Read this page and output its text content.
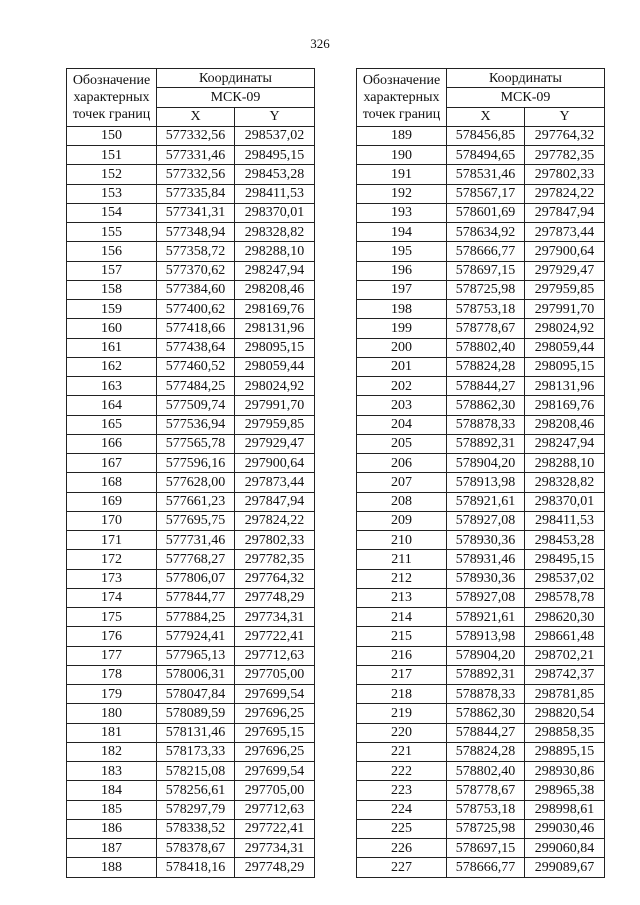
326
Обозначение
характерных
точек границ	Координаты	
	МСК-09	
	X	Y
150	577332,56	298537,02
151	577331,46	298495,15
152	577332,56	298453,28
153	577335,84	298411,53
154	577341,31	298370,01
155	577348,94	298328,82
156	577358,72	298288,10
157	577370,62	298247,94
158	577384,60	298208,46
159	577400,62	298169,76
160	577418,66	298131,96
161	577438,64	298095,15
162	577460,52	298059,44
163	577484,25	298024,92
164	577509,74	297991,70
165	577536,94	297959,85
166	577565,78	297929,47
167	577596,16	297900,64
168	577628,00	297873,44
169	577661,23	297847,94
170	577695,75	297824,22
171	577731,46	297802,33
172	577768,27	297782,35
173	577806,07	297764,32
174	577844,77	297748,29
175	577884,25	297734,31
176	577924,41	297722,41
177	577965,13	297712,63
178	578006,31	297705,00
179	578047,84	297699,54
180	578089,59	297696,25
181	578131,46	297695,15
182	578173,33	297696,25
183	578215,08	297699,54
184	578256,61	297705,00
185	578297,79	297712,63
186	578338,52	297722,41
187	578378,67	297734,31
188	578418,16	297748,29
Обозначение
характерных
точек границ	Координаты	
	МСК-09	
	X	Y
189	578456,85	297764,32
190	578494,65	297782,35
191	578531,46	297802,33
192	578567,17	297824,22
193	578601,69	297847,94
194	578634,92	297873,44
195	578666,77	297900,64
196	578697,15	297929,47
197	578725,98	297959,85
198	578753,18	297991,70
199	578778,67	298024,92
200	578802,40	298059,44
201	578824,28	298095,15
202	578844,27	298131,96
203	578862,30	298169,76
204	578878,33	298208,46
205	578892,31	298247,94
206	578904,20	298288,10
207	578913,98	298328,82
208	578921,61	298370,01
209	578927,08	298411,53
210	578930,36	298453,28
211	578931,46	298495,15
212	578930,36	298537,02
213	578927,08	298578,78
214	578921,61	298620,30
215	578913,98	298661,48
216	578904,20	298702,21
217	578892,31	298742,37
218	578878,33	298781,85
219	578862,30	298820,54
220	578844,27	298858,35
221	578824,28	298895,15
222	578802,40	298930,86
223	578778,67	298965,38
224	578753,18	298998,61
225	578725,98	299030,46
226	578697,15	299060,84
227	578666,77	299089,67
